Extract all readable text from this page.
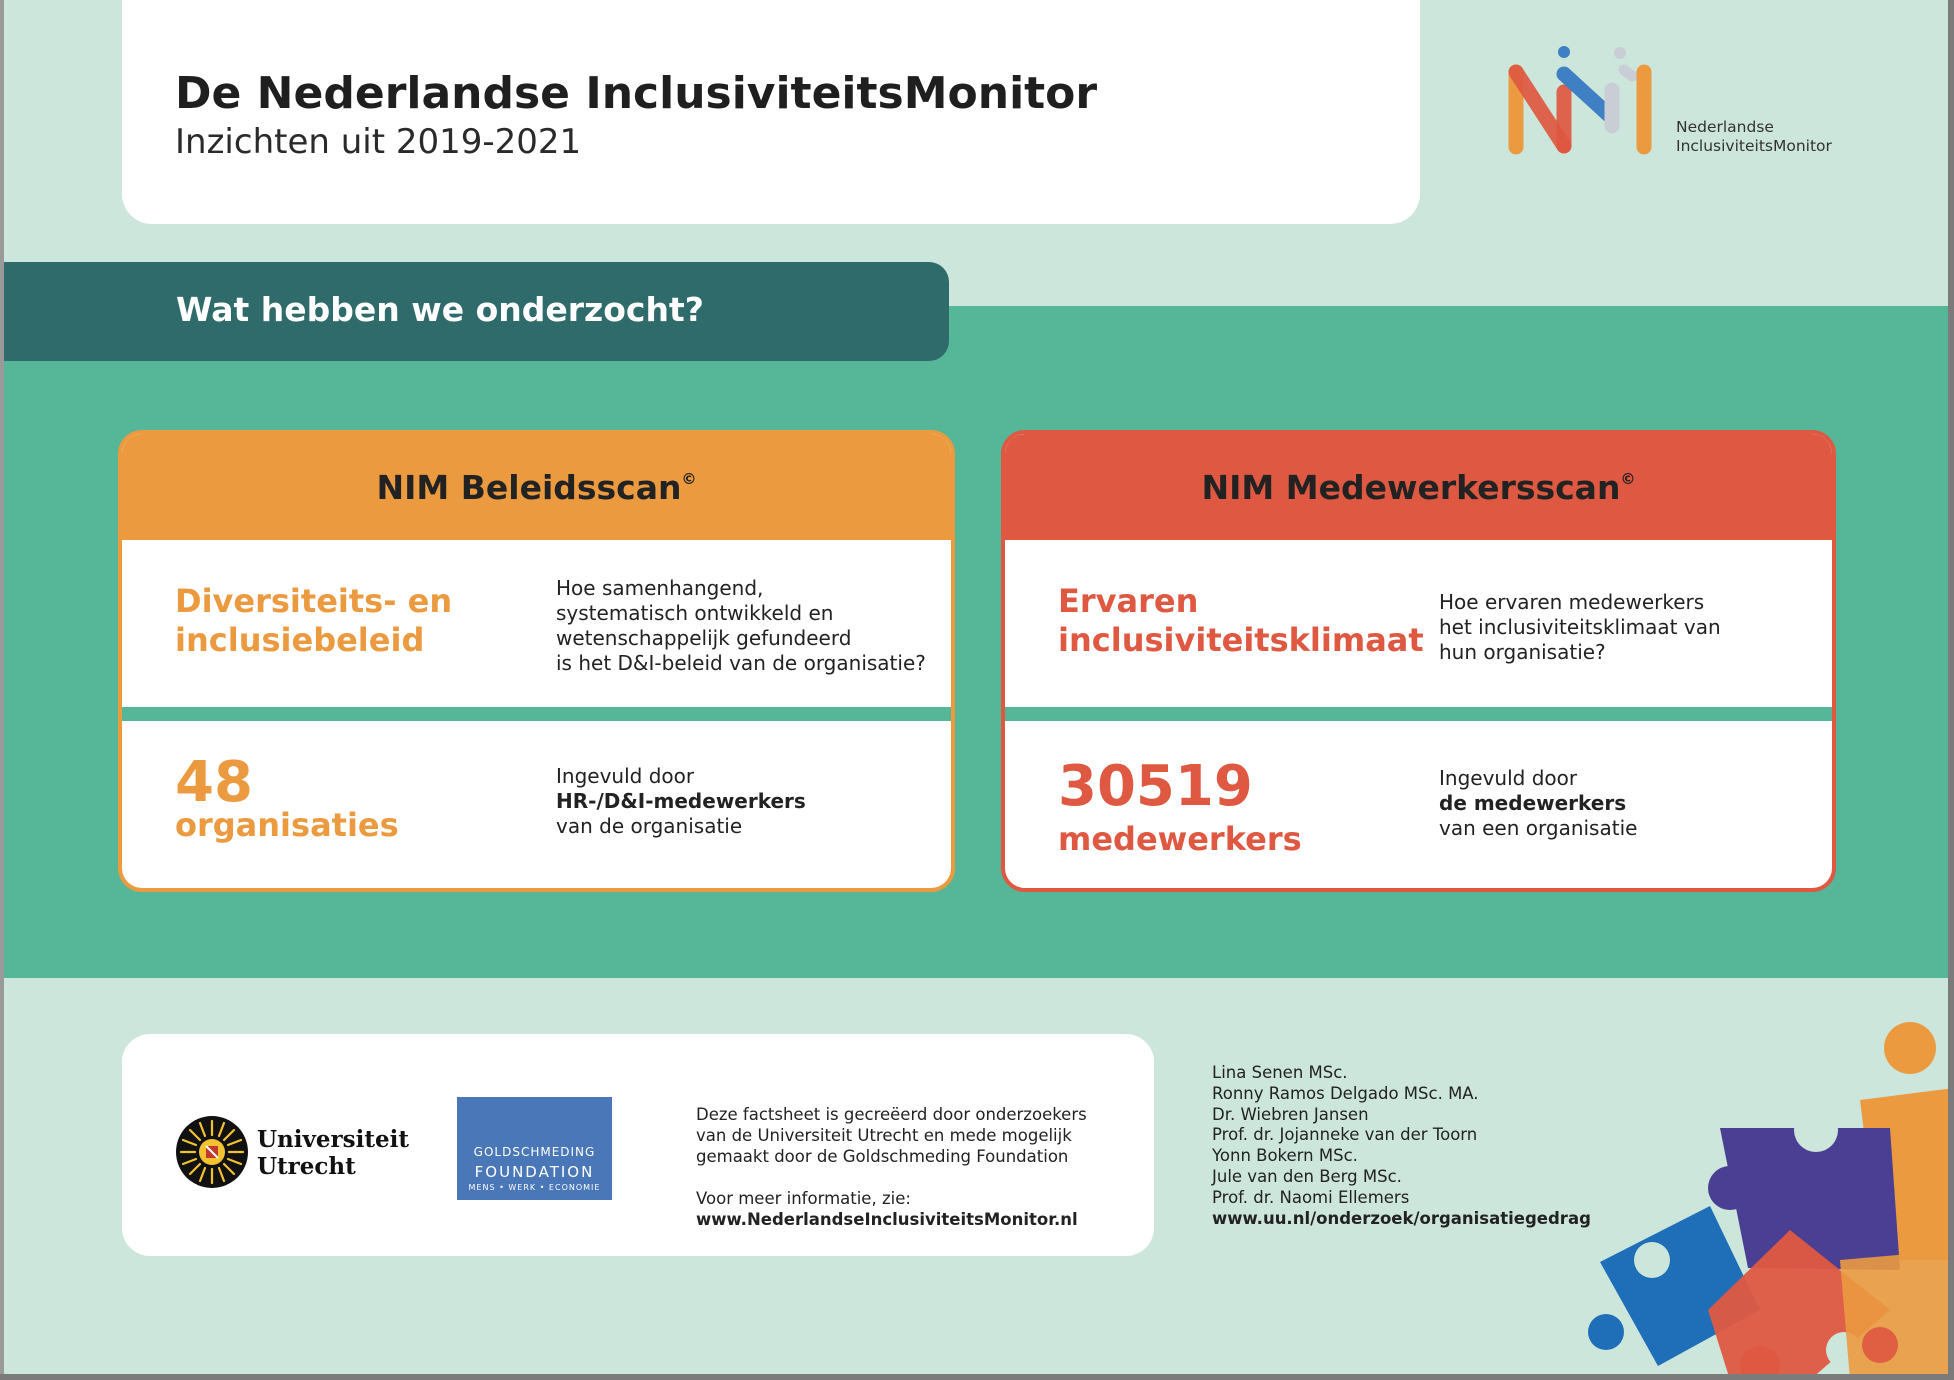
De Nederlandse InclusiviteitsMonitor
Inzichten uit 2019-2021	Nederlandse
InclusiviteitsMonitor
Wat hebben we onderzocht?
NIM Beleidsscan©
Diversiteits- en
inclusiebeleid
Hoe samenhangend,
systematisch ontwikkeld en
wetenschappelijk gefundeerd
is het D&I-beleid van de organisatie?
48
organisaties
Ingevuld door
HR-/D&I-medewerkers
van de organisatie
NIM Medewerkersscan©
Ervaren
inclusiviteitsklimaat
Hoe ervaren medewerkers
het inclusiviteitsklimaat van
hun organisatie?
30519
medewerkers
Ingevuld door
de medewerkers
van een organisatie
Universiteit
Utrecht
GOLDSCHMEDING
FOUNDATION
MENS • WERK • ECONOMIE
Deze factsheet is gecreëerd door onderzoekers
van de Universiteit Utrecht en mede mogelijk
gemaakt door de Goldschmeding Foundation
Voor meer informatie, zie:
www.NederlandseInclusiviteitsMonitor.nl
Lina Senen MSc.
Ronny Ramos Delgado MSc. MA.
Dr. Wiebren Jansen
Prof. dr. Jojanneke van der Toorn
Yonn Bokern MSc.
Jule van den Berg MSc.
Prof. dr. Naomi Ellemers
www.uu.nl/onderzoek/organisatiegedrag
